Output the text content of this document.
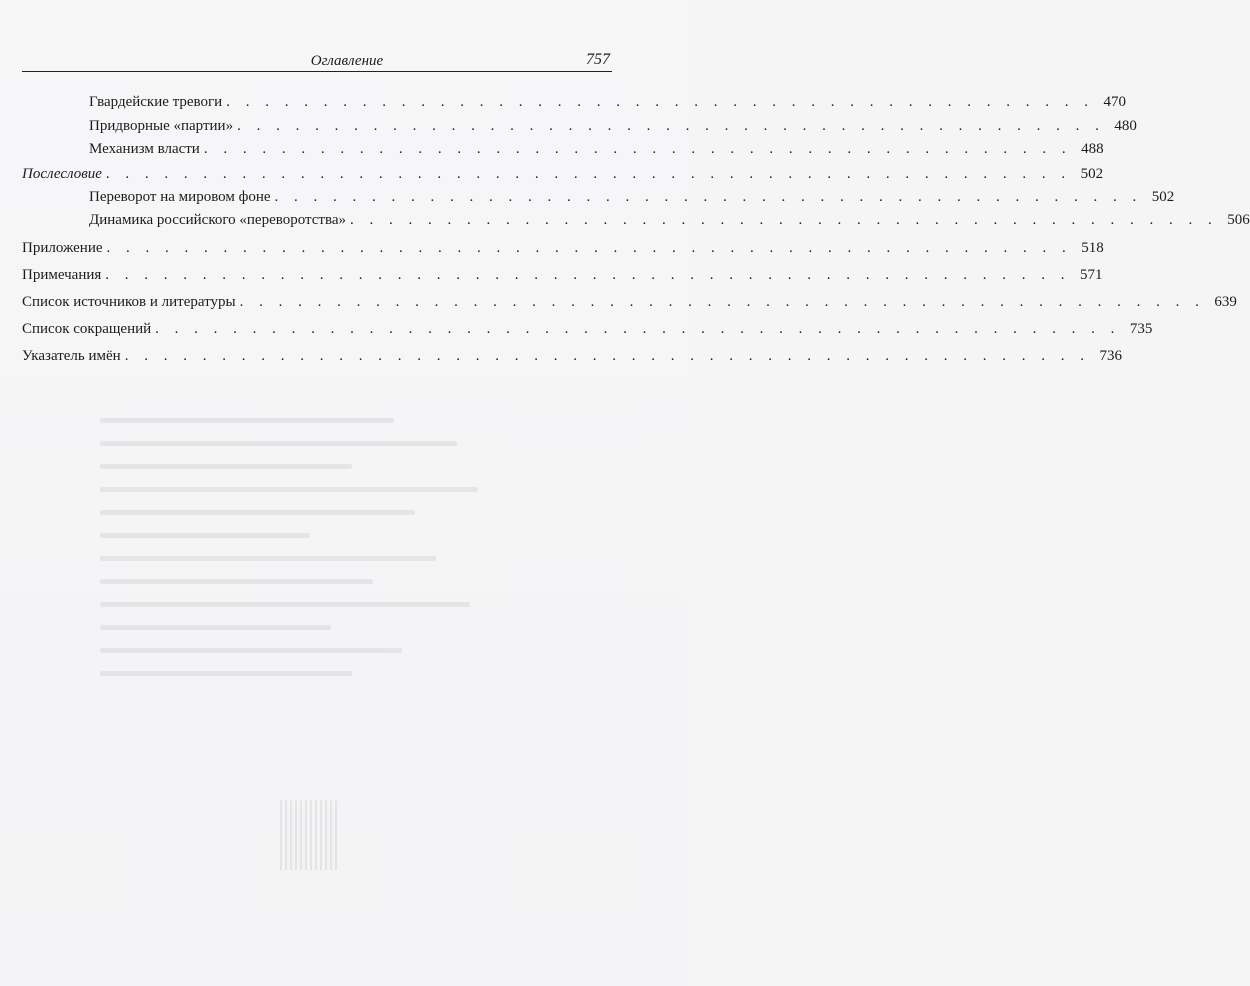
Оглавление	757
Гвардейские тревоги . . . . . . . . . . . . . . . . . . . . . . . . . . . . . . . . . . . . . . . . . . . . . 470
Придворные «партии» . . . . . . . . . . . . . . . . . . . . . . . . . . . . . . . . . . . . . . . . . . . . . 480
Механизм власти . . . . . . . . . . . . . . . . . . . . . . . . . . . . . . . . . . . . . . . . . . . . . 488
Послесловие . . . . . . . . . . . . . . . . . . . . . . . . . . . . . . . . . . . . . . . . . . . . . . . . . . 502
Переворот на мировом фоне . . . . . . . . . . . . . . . . . . . . . . . . . . . . . . . . . . . . . . . . . . . . . 502
Динамика российского «переворотства» . . . . . . . . . . . . . . . . . . . . . . . . . . . . . . . . . . . . . . . . . . . . . 506
Приложение . . . . . . . . . . . . . . . . . . . . . . . . . . . . . . . . . . . . . . . . . . . . . . . . . . 518
Примечания . . . . . . . . . . . . . . . . . . . . . . . . . . . . . . . . . . . . . . . . . . . . . . . . . . 571
Список источников и литературы . . . . . . . . . . . . . . . . . . . . . . . . . . . . . . . . . . . . . . . . . . . . . . . . . . 639
Список сокращений . . . . . . . . . . . . . . . . . . . . . . . . . . . . . . . . . . . . . . . . . . . . . . . . . . 735
Указатель имён . . . . . . . . . . . . . . . . . . . . . . . . . . . . . . . . . . . . . . . . . . . . . . . . . . 736
